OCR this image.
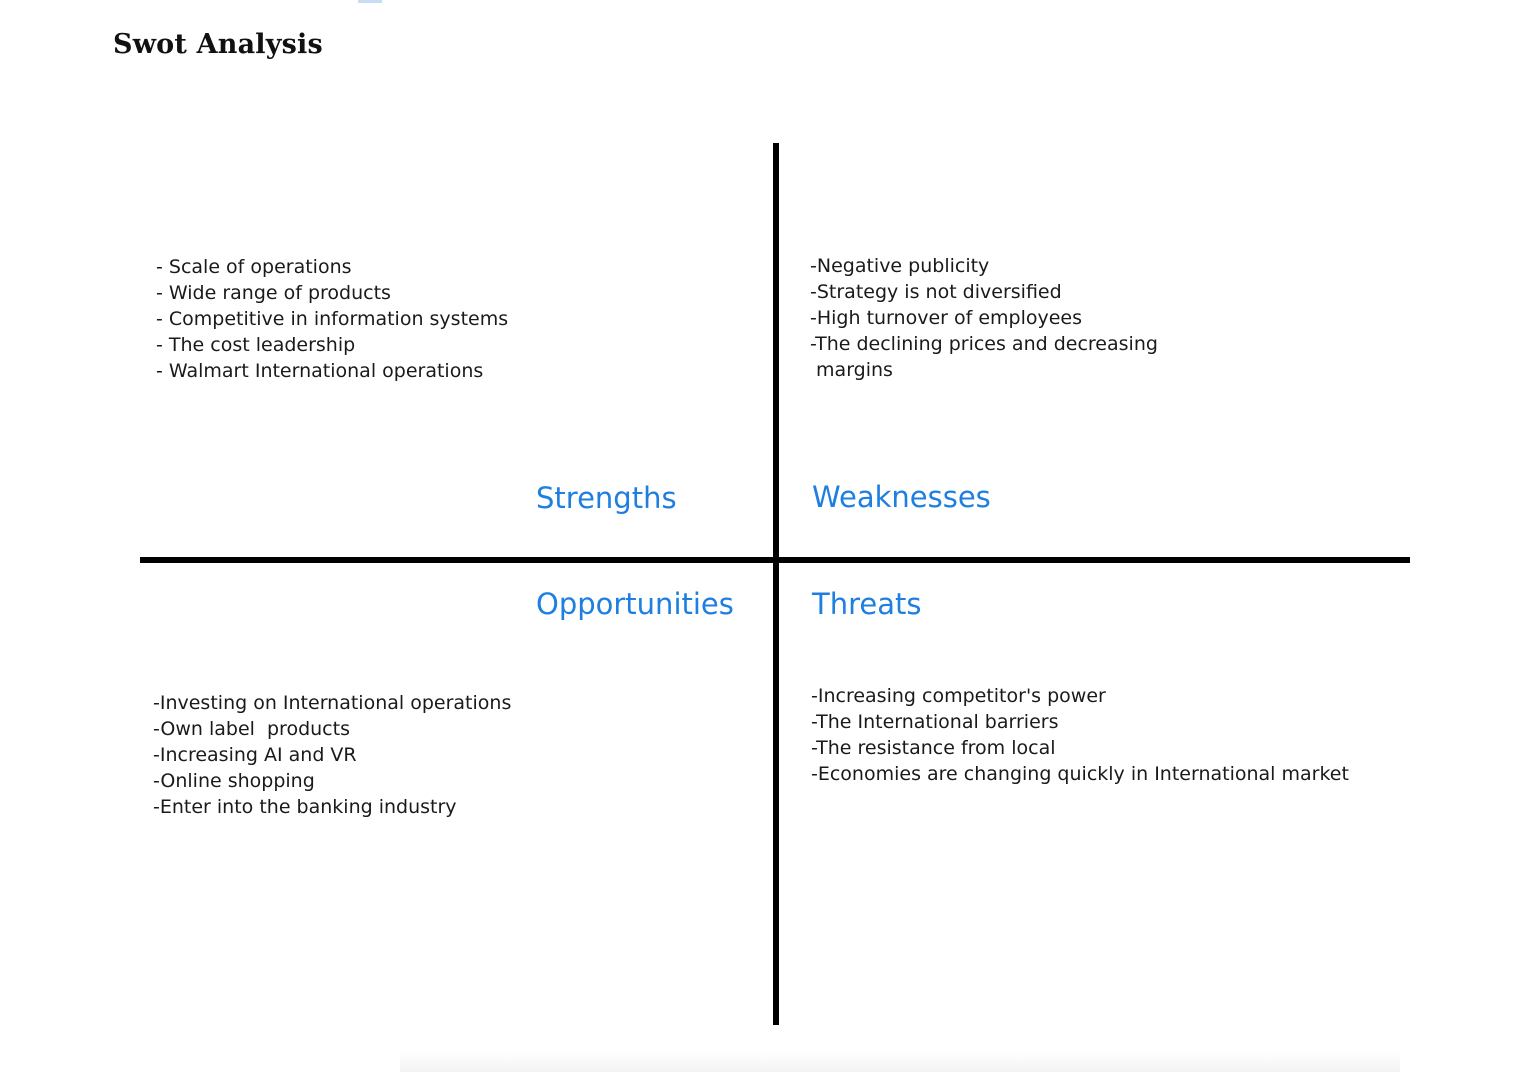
Swot Analysis
- Scale of operations
- Wide range of products
- Competitive in information systems
- The cost leadership
- Walmart International operations
Strengths
-Negative publicity
-Strategy is not diversified
-High turnover of employees
-The declining prices and decreasing
margins
Weaknesses
Opportunities
-Investing on International operations
-Own label  products
-Increasing AI and VR
-Online shopping
-Enter into the banking industry
Threats
-Increasing competitor's power
-The International barriers
-The resistance from local
-Economies are changing quickly in International market
